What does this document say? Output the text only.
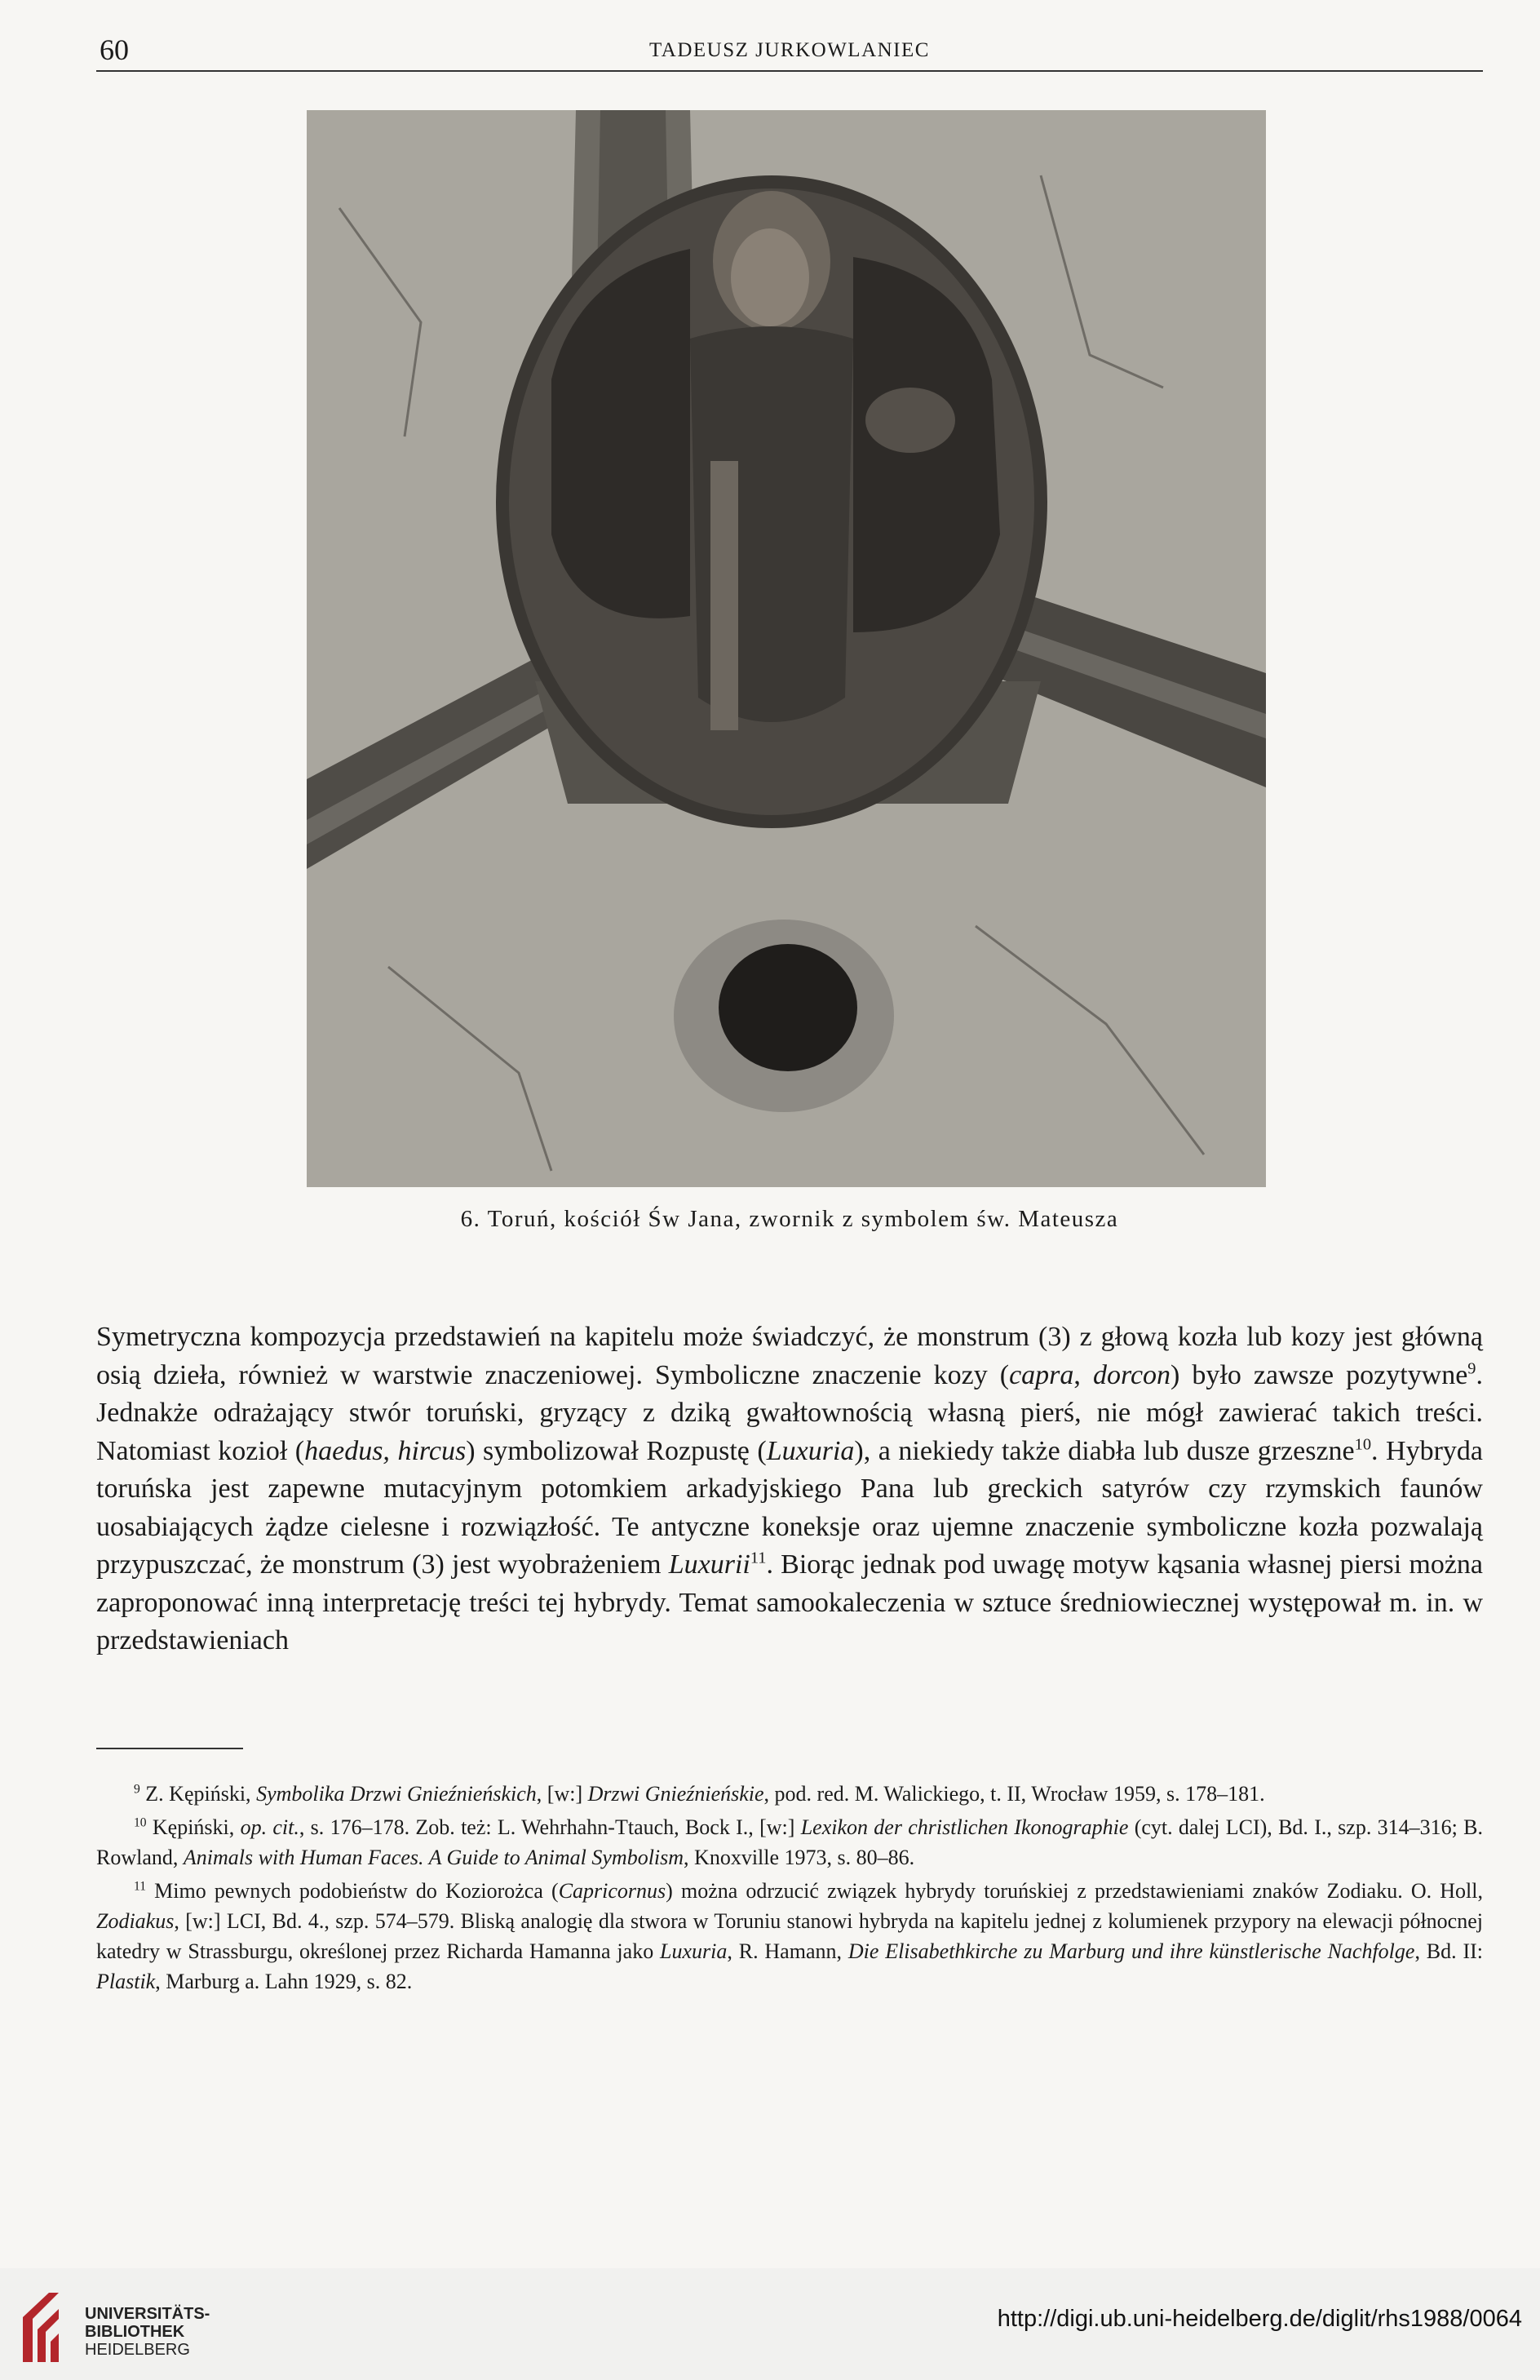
60	TADEUSZ JURKOWLANIEC
6. Toruń, kościół Św Jana, zwornik z symbolem św. Mateusza

Symetryczna kompozycja przedstawień na kapitelu może świadczyć, że monstrum (3) z głową kozła lub kozy jest główną osią dzieła, również w warstwie znaczeniowej. Symboliczne znaczenie kozy (capra, dorcon) było zawsze pozytywne$^9$. Jednakże odrażający stwór toruński, gryzący z dziką gwałtownością własną pierś, nie mógł zawierać takich treści. Natomiast kozioł (haedus, hircus) symbolizował Rozpustę (Luxuria), a niekiedy także diabła lub dusze grzeszne$^{10}$. Hybryda toruńska jest zapewne mutacyjnym potomkiem arkadyjskiego Pana lub greckich satyrów czy rzymskich faunów uosabiających żądze cielesne i rozwiązłość. Te antyczne koneksje oraz ujemne znaczenie symboliczne kozła pozwalają przypuszczać, że monstrum (3) jest wyobrażeniem Luxurii$^{11}$. Biorąc jednak pod uwagę motyw kąsania własnej piersi można zaproponować inną interpretację treści tej hybrydy. Temat samookaleczenia w sztuce średniowiecznej występował m. in. w przedstawieniach

$^9$ Z. Kępiński, Symbolika Drzwi Gnieźnieńskich, [w:] Drzwi Gnieźnieńskie, pod. red. M. Walickiego, t. II, Wrocław 1959, s. 178–181.

$^{10}$ Kępiński, op. cit., s. 176–178. Zob. też: L. Wehrhahn-Ttauch, Bock I., [w:] Lexikon der christlichen Ikonographie (cyt. dalej LCI), Bd. I., szp. 314–316; B. Rowland, Animals with Human Faces. A Guide to Animal Symbolism, Knoxville 1973, s. 80–86.

$^{11}$ Mimo pewnych podobieństw do Koziorożca (Capricornus) można odrzucić związek hybrydy toruńskiej z przedstawieniami znaków Zodiaku. O. Holl, Zodiakus, [w:] LCI, Bd. 4., szp. 574–579. Bliską analogię dla stwora w Toruniu stanowi hybryda na kapitelu jednej z kolumienek przypory na elewacji północnej katedry w Strassburgu, określonej przez Richarda Hamanna jako Luxuria, R. Hamann, Die Elisabethkirche zu Marburg und ihre künstlerische Nachfolge, Bd. II: Plastik, Marburg a. Lahn 1929, s. 82.

UNIVERSITÄTS-
BIBLIOTHEK
HEIDELBERG
http://digi.ub.uni-heidelberg.de/diglit/rhs1988/0064
